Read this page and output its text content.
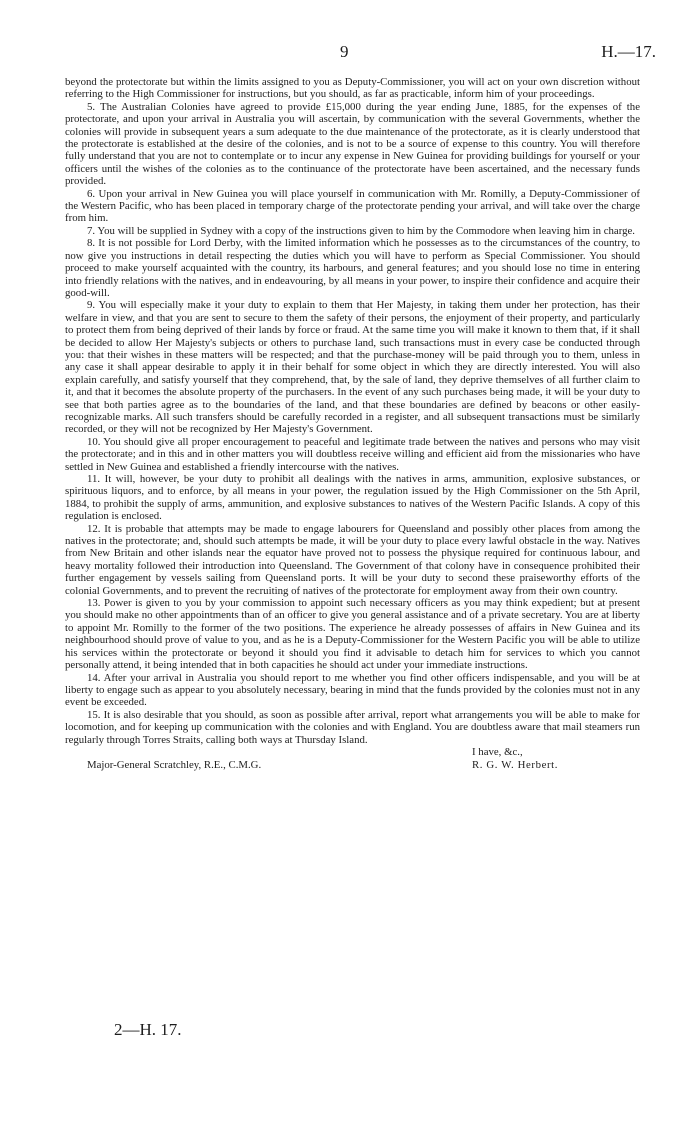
9	H.—17.

beyond the protectorate but within the limits assigned to you as Deputy-Commissioner, you will act on your own discretion without referring to the High Commissioner for instructions, but you should, as far as practicable, inform him of your proceedings.

5. The Australian Colonies have agreed to provide £15,000 during the year ending June, 1885, for the expenses of the protectorate, and upon your arrival in Australia you will ascertain, by communication with the several Governments, whether the colonies will provide in subsequent years a sum adequate to the due maintenance of the protectorate, as it is clearly understood that the protectorate is established at the desire of the colonies, and is not to be a source of expense to this country. You will therefore fully understand that you are not to contemplate or to incur any expense in New Guinea for providing buildings for yourself or your officers until the wishes of the colonies as to the continuance of the protectorate have been ascertained, and the necessary funds provided.

6. Upon your arrival in New Guinea you will place yourself in communication with Mr. Romilly, a Deputy-Commissioner of the Western Pacific, who has been placed in temporary charge of the protectorate pending your arrival, and will take over the charge from him.

7. You will be supplied in Sydney with a copy of the instructions given to him by the Commodore when leaving him in charge.

8. It is not possible for Lord Derby, with the limited information which he possesses as to the circumstances of the country, to now give you instructions in detail respecting the duties which you will have to perform as Special Commissioner. You should proceed to make yourself acquainted with the country, its harbours, and general features; and you should lose no time in entering into friendly relations with the natives, and in endeavouring, by all means in your power, to inspire their confidence and acquire their good-will.

9. You will especially make it your duty to explain to them that Her Majesty, in taking them under her protection, has their welfare in view, and that you are sent to secure to them the safety of their persons, the enjoyment of their property, and particularly to protect them from being deprived of their lands by force or fraud. At the same time you will make it known to them that, if it shall be decided to allow Her Majesty's subjects or others to purchase land, such transactions must in every case be conducted through you: that their wishes in these matters will be respected; and that the purchase-money will be paid through you to them, unless in any case it shall appear desirable to apply it in their behalf for some object in which they are directly interested. You will also explain carefully, and satisfy yourself that they comprehend, that, by the sale of land, they deprive themselves of all further claim to it, and that it becomes the absolute property of the purchasers. In the event of any such purchases being made, it will be your duty to see that both parties agree as to the boundaries of the land, and that these boundaries are defined by beacons or other easily-recognizable marks. All such transfers should be carefully recorded in a register, and all subsequent transactions must be similarly recorded, or they will not be recognized by Her Majesty's Government.

10. You should give all proper encouragement to peaceful and legitimate trade between the natives and persons who may visit the protectorate; and in this and in other matters you will doubtless receive willing and efficient aid from the missionaries who have settled in New Guinea and established a friendly intercourse with the natives.

11. It will, however, be your duty to prohibit all dealings with the natives in arms, ammunition, explosive substances, or spirituous liquors, and to enforce, by all means in your power, the regulation issued by the High Commissioner on the 5th April, 1884, to prohibit the supply of arms, ammunition, and explosive substances to natives of the Western Pacific Islands. A copy of this regulation is enclosed.

12. It is probable that attempts may be made to engage labourers for Queensland and possibly other places from among the natives in the protectorate; and, should such attempts be made, it will be your duty to place every lawful obstacle in the way. Natives from New Britain and other islands near the equator have proved not to possess the physique required for continuous labour, and heavy mortality followed their introduction into Queensland. The Government of that colony have in consequence prohibited their further engagement by vessels sailing from Queensland ports. It will be your duty to second these praiseworthy efforts of the colonial Governments, and to prevent the recruiting of natives of the protectorate for employment away from their own country.

13. Power is given to you by your commission to appoint such necessary officers as you may think expedient; but at present you should make no other appointments than of an officer to give you general assistance and of a private secretary. You are at liberty to appoint Mr. Romilly to the former of the two positions. The experience he already possesses of affairs in New Guinea and its neighbourhood should prove of value to you, and as he is a Deputy-Commissioner for the Western Pacific you will be able to utilize his services within the protectorate or beyond it should you find it advisable to detach him for services to which you cannot personally attend, it being intended that in both capacities he should act under your immediate instructions.

14. After your arrival in Australia you should report to me whether you find other officers indispensable, and you will be at liberty to engage such as appear to you absolutely necessary, bearing in mind that the funds provided by the colonies must not in any event be exceeded.

15. It is also desirable that you should, as soon as possible after arrival, report what arrangements you will be able to make for locomotion, and for keeping up communication with the colonies and with England. You are doubtless aware that mail steamers run regularly through Torres Straits, calling both ways at Thursday Island.

I have, &c.,
Major-General Scratchley, R.E., C.M.G.	R. G. W. Herbert.
2—H. 17.
